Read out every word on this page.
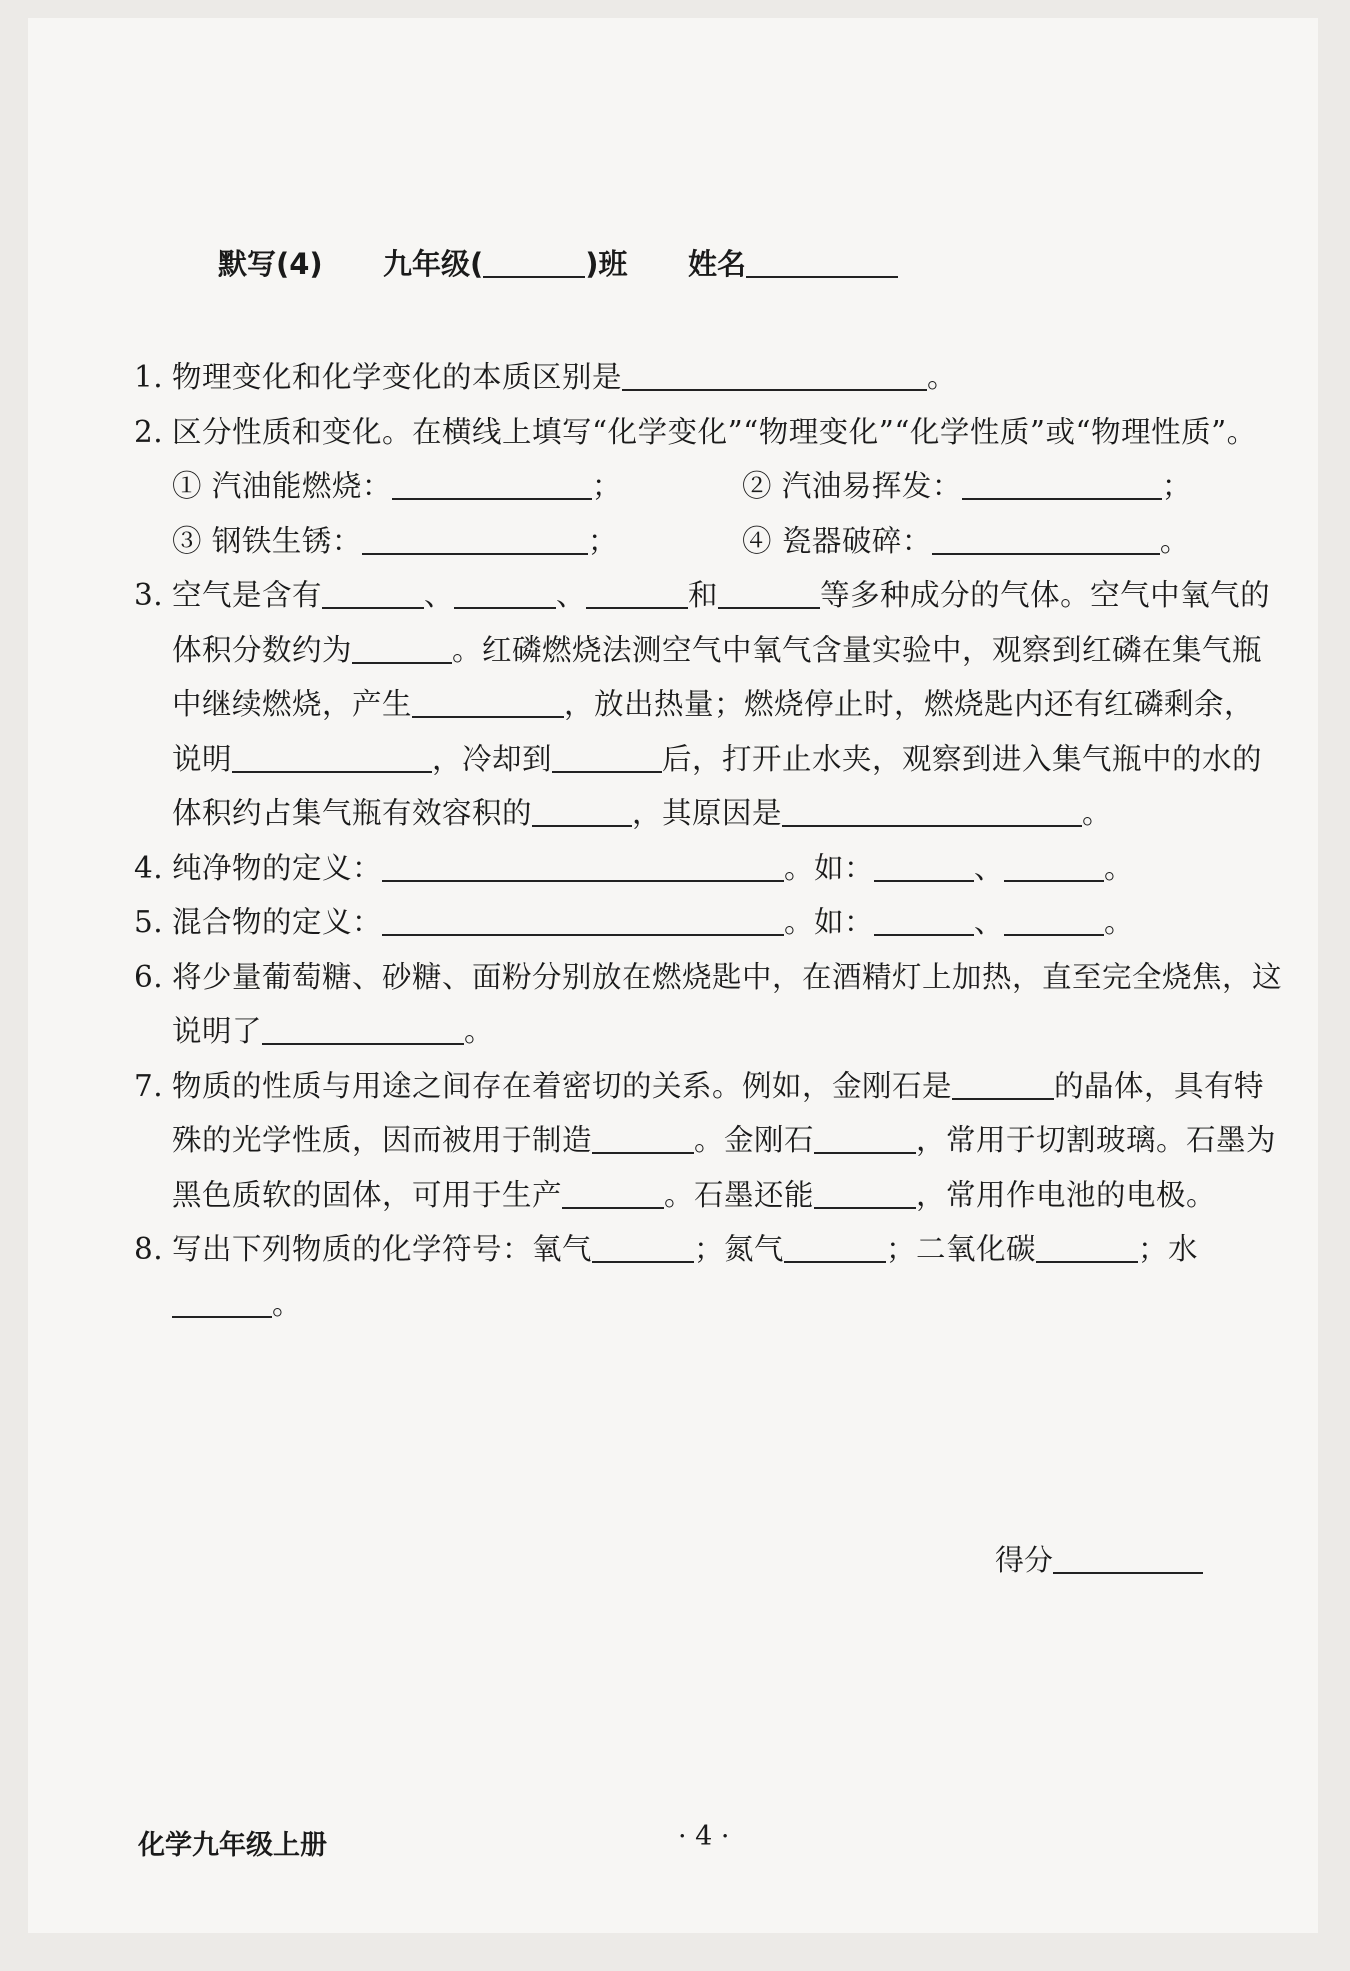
默写(4) 九年级(	)班 姓名
1. 物理变化和化学变化的本质区别是	。
2. 区分性质和变化。在横线上填写“化学变化”“物理变化”“化学性质”或“物理性质”。
① 汽油能燃烧：	；	② 汽油易挥发：	；
③ 钢铁生锈：	；	④ 瓷器破碎：	。
3. 空气是含有	、	、	和	等多种成分的气体。空气中氧气的体积分数约为	。红磷燃烧法测空气中氧气含量实验中，观察到红磷在集气瓶中继续燃烧，产生	，放出热量；燃烧停止时，燃烧匙内还有红磷剩余，说明	，冷却到	后，打开止水夹，观察到进入集气瓶中的水的体积约占集气瓶有效容积的	，其原因是	。
4. 纯净物的定义：	。如：	、	。
5. 混合物的定义：	。如：	、	。
6. 将少量葡萄糖、砂糖、面粉分别放在燃烧匙中，在酒精灯上加热，直至完全烧焦，这说明了	。
7. 物质的性质与用途之间存在着密切的关系。例如，金刚石是	的晶体，具有特殊的光学性质，因而被用于制造	。金刚石	，常用于切割玻璃。石墨为黑色质软的固体，可用于生产	。石墨还能	，常用作电池的电极。
8. 写出下列物质的化学符号：氧气	；氮气	；二氧化碳	；水。
得分
化学九年级上册	· 4 ·
